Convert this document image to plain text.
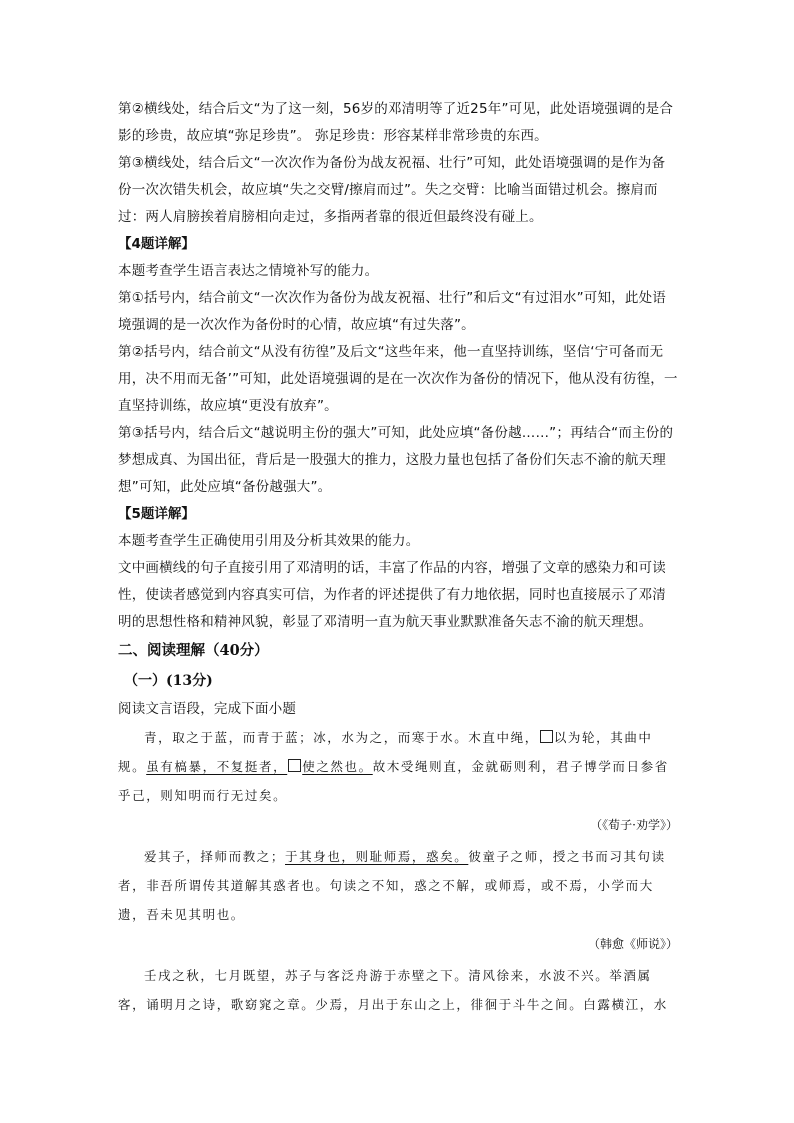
第②横线处，结合后文“为了这一刻，56岁的邓清明等了近25年”可见，此处语境强调的是合影的珍贵，故应填“弥足珍贵”。 弥足珍贵：形容某样非常珍贵的东西。

第③横线处，结合后文“一次次作为备份为战友祝福、壮行”可知，此处语境强调的是作为备份一次次错失机会，故应填“失之交臂/擦肩而过”。失之交臂：比喻当面错过机会。擦肩而过：两人肩膀挨着肩膀相向走过，多指两者靠的很近但最终没有碰上。

【4题详解】

本题考查学生语言表达之情境补写的能力。

第①括号内，结合前文“一次次作为备份为战友祝福、壮行”和后文“有过泪水”可知，此处语境强调的是一次次作为备份时的心情，故应填“有过失落”。

第②括号内，结合前文“从没有彷徨”及后文“这些年来，他一直坚持训练，坚信‘宁可备而无用，决不用而无备’”可知，此处语境强调的是在一次次作为备份的情况下，他从没有彷徨，一直坚持训练，故应填“更没有放弃”。

第③括号内，结合后文“越说明主份的强大”可知，此处应填“备份越……”；再结合“而主份的梦想成真、为国出征，背后是一股强大的推力，这股力量也包括了备份们矢志不渝的航天理想”可知，此处应填“备份越强大”。

【5题详解】

本题考查学生正确使用引用及分析其效果的能力。

文中画横线的句子直接引用了邓清明的话，丰富了作品的内容，增强了文章的感染力和可读性，使读者感觉到内容真实可信，为作者的评述提供了有力地依据，同时也直接展示了邓清明的思想性格和精神风貌，彰显了邓清明一直为航天事业默默准备矢志不渝的航天理想。

二、阅读理解（40分）

（一）(13分)

阅读文言语段，完成下面小题

青，取之于蓝，而青于蓝；冰，水为之，而寒于水。木直中绳， 以为轮，其曲中规。虽有槁暴，不复挺者， 使之然也。故木受绳则直，金就砺则利，君子博学而日参省乎己，则知明而行无过矣。

（《荀子·劝学》）

爱其子，择师而教之；于其身也，则耻师焉，惑矣。彼童子之师，授之书而习其句读者，非吾所谓传其道解其惑者也。句读之不知，惑之不解，或师焉，或不焉，小学而大遗，吾未见其明也。

（韩愈《师说》）

壬戌之秋，七月既望，苏子与客泛舟游于赤壁之下。清风徐来，水波不兴。举酒属客，诵明月之诗，歌窈窕之章。少焉，月出于东山之上，徘徊于斗牛之间。白露横江，水
